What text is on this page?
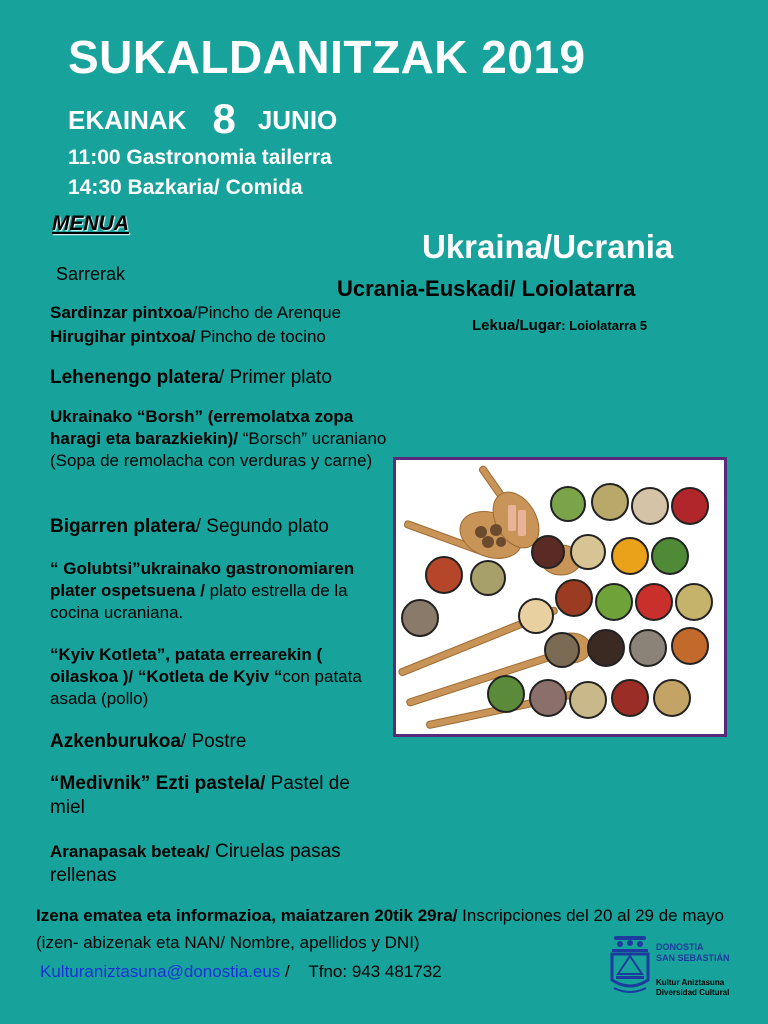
SUKALDANITZAK 2019
EKAINAK 8 JUNIO
11:00 Gastronomia tailerra
14:30 Bazkaria/ Comida
MENUA
Ukraina/Ucrania
Ucrania-Euskadi/ Loiolatarra
Lekua/Lugar: Loiolatarra 5
Sarrerak
Sardinzar pintxoa/Pincho de Arenque
Hirugihar pintxoa/ Pincho de tocino
Lehenengo platera/ Primer plato
Ukrainako “Borsh” (erremolatxa zopa haragi eta barazkiekin)/ “Borsch” ucraniano (Sopa de remolacha con verduras y carne)
Bigarren platera/ Segundo plato
“ Golubtsi”ukrainako gastronomiaren plater ospetsuena / plato estrella de la cocina ucraniana.
“Kyiv Kotleta”, patata errearekin ( oilaskoa )/ “Kotleta de Kyiv “con patata asada (pollo)
Azkenburukoa/ Postre
“Medivnik” Ezti pastela/ Pastel de miel
Aranapasak beteak/ Ciruelas pasas rellenas
Izena ematea eta informazioa, maiatzaren 20tik 29ra/ Inscripciones del 20 al 29 de mayo (izen- abizenak eta NAN/ Nombre, apellidos y DNI)
Kulturaniztasuna@donostia.eus /    Tfno: 943 481732
DONOSTIA
SAN SEBASTIÁN
Kultur Aniztasuna
Diversidad Cultural
